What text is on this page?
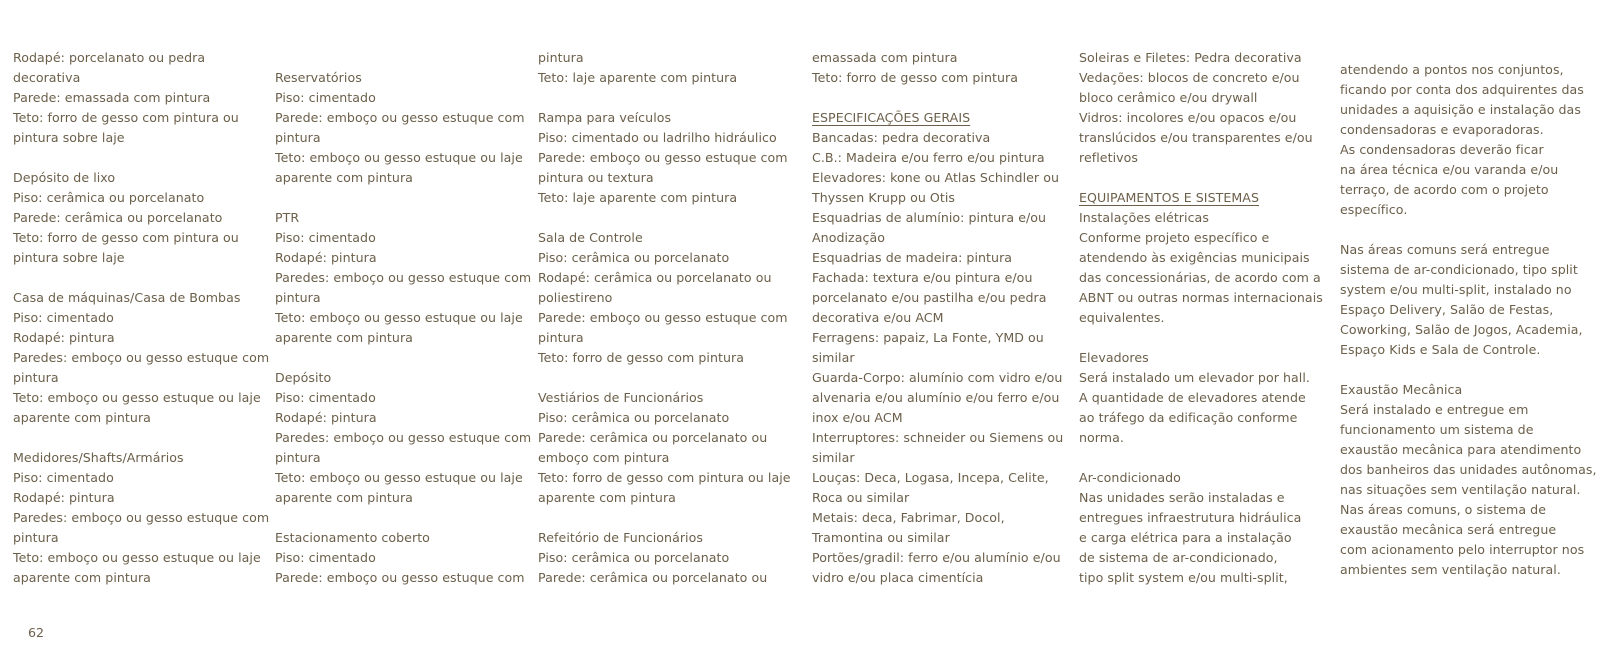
Rodapé: porcelanato ou pedra
decorativa
Parede: emassada com pintura
Teto: forro de gesso com pintura ou
pintura sobre laje
Depósito de lixo
Piso: cerâmica ou porcelanato
Parede: cerâmica ou porcelanato
Teto: forro de gesso com pintura ou
pintura sobre laje
Casa de máquinas/Casa de Bombas
Piso: cimentado
Rodapé: pintura
Paredes: emboço ou gesso estuque com
pintura
Teto: emboço ou gesso estuque ou laje
aparente com pintura
Medidores/Shafts/Armários
Piso: cimentado
Rodapé: pintura
Paredes: emboço ou gesso estuque com
pintura
Teto: emboço ou gesso estuque ou laje
aparente com pintura
Reservatórios
Piso: cimentado
Parede: emboço ou gesso estuque com
pintura
Teto: emboço ou gesso estuque ou laje
aparente com pintura
PTR
Piso: cimentado
Rodapé: pintura
Paredes: emboço ou gesso estuque com
pintura
Teto: emboço ou gesso estuque ou laje
aparente com pintura
Depósito
Piso: cimentado
Rodapé: pintura
Paredes: emboço ou gesso estuque com
pintura
Teto: emboço ou gesso estuque ou laje
aparente com pintura
Estacionamento coberto
Piso: cimentado
Parede: emboço ou gesso estuque com
pintura
Teto: laje aparente com pintura
Rampa para veículos
Piso: cimentado ou ladrilho hidráulico
Parede: emboço ou gesso estuque com
pintura ou textura
Teto: laje aparente com pintura
Sala de Controle
Piso: cerâmica ou porcelanato
Rodapé: cerâmica ou porcelanato ou
poliestireno
Parede: emboço ou gesso estuque com
pintura
Teto: forro de gesso com pintura
Vestiários de Funcionários
Piso: cerâmica ou porcelanato
Parede: cerâmica ou porcelanato ou
emboço com pintura
Teto: forro de gesso com pintura ou laje
aparente com pintura
Refeitório de Funcionários
Piso: cerâmica ou porcelanato
Parede: cerâmica ou porcelanato ou
emassada com pintura
Teto: forro de gesso com pintura
ESPECIFICAÇÕES GERAIS
Bancadas: pedra decorativa
C.B.: Madeira e/ou ferro e/ou pintura
Elevadores: kone ou Atlas Schindler ou
Thyssen Krupp ou Otis
Esquadrias de alumínio: pintura e/ou
Anodização
Esquadrias de madeira: pintura
Fachada: textura e/ou pintura e/ou
porcelanato e/ou pastilha e/ou pedra
decorativa e/ou ACM
Ferragens: papaiz, La Fonte, YMD ou
similar
Guarda-Corpo: alumínio com vidro e/ou
alvenaria e/ou alumínio e/ou ferro e/ou
inox e/ou ACM
Interruptores: schneider ou Siemens ou
similar
Louças: Deca, Logasa, Incepa, Celite,
Roca ou similar
Metais: deca, Fabrimar, Docol,
Tramontina ou similar
Portões/gradil: ferro e/ou alumínio e/ou
vidro e/ou placa cimentícia
Soleiras e Filetes: Pedra decorativa
Vedações: blocos de concreto e/ou
bloco cerâmico e/ou drywall
Vidros: incolores e/ou opacos e/ou
translúcidos e/ou transparentes e/ou
refletivos
EQUIPAMENTOS E SISTEMAS
Instalações elétricas
Conforme projeto específico e
atendendo às exigências municipais
das concessionárias, de acordo com a
ABNT ou outras normas internacionais
equivalentes.
Elevadores
Será instalado um elevador por hall.
A quantidade de elevadores atende
ao tráfego da edificação conforme
norma.
Ar-condicionado
Nas unidades serão instaladas e
entregues infraestrutura hidráulica
e carga elétrica para a instalação
de sistema de ar-condicionado,
tipo split system e/ou multi-split,
atendendo a pontos nos conjuntos,
ficando por conta dos adquirentes das
unidades a aquisição e instalação das
condensadoras e evaporadoras.
As condensadoras deverão ficar
na área técnica e/ou varanda e/ou
terraço, de acordo com o projeto
específico.
Nas áreas comuns será entregue
sistema de ar-condicionado, tipo split
system e/ou multi-split, instalado no
Espaço Delivery, Salão de Festas,
Coworking, Salão de Jogos, Academia,
Espaço Kids e Sala de Controle.
Exaustão Mecânica
Será instalado e entregue em
funcionamento um sistema de
exaustão mecânica para atendimento
dos banheiros das unidades autônomas,
nas situações sem ventilação natural.
Nas áreas comuns, o sistema de
exaustão mecânica será entregue
com acionamento pelo interruptor nos
ambientes sem ventilação natural.
62
